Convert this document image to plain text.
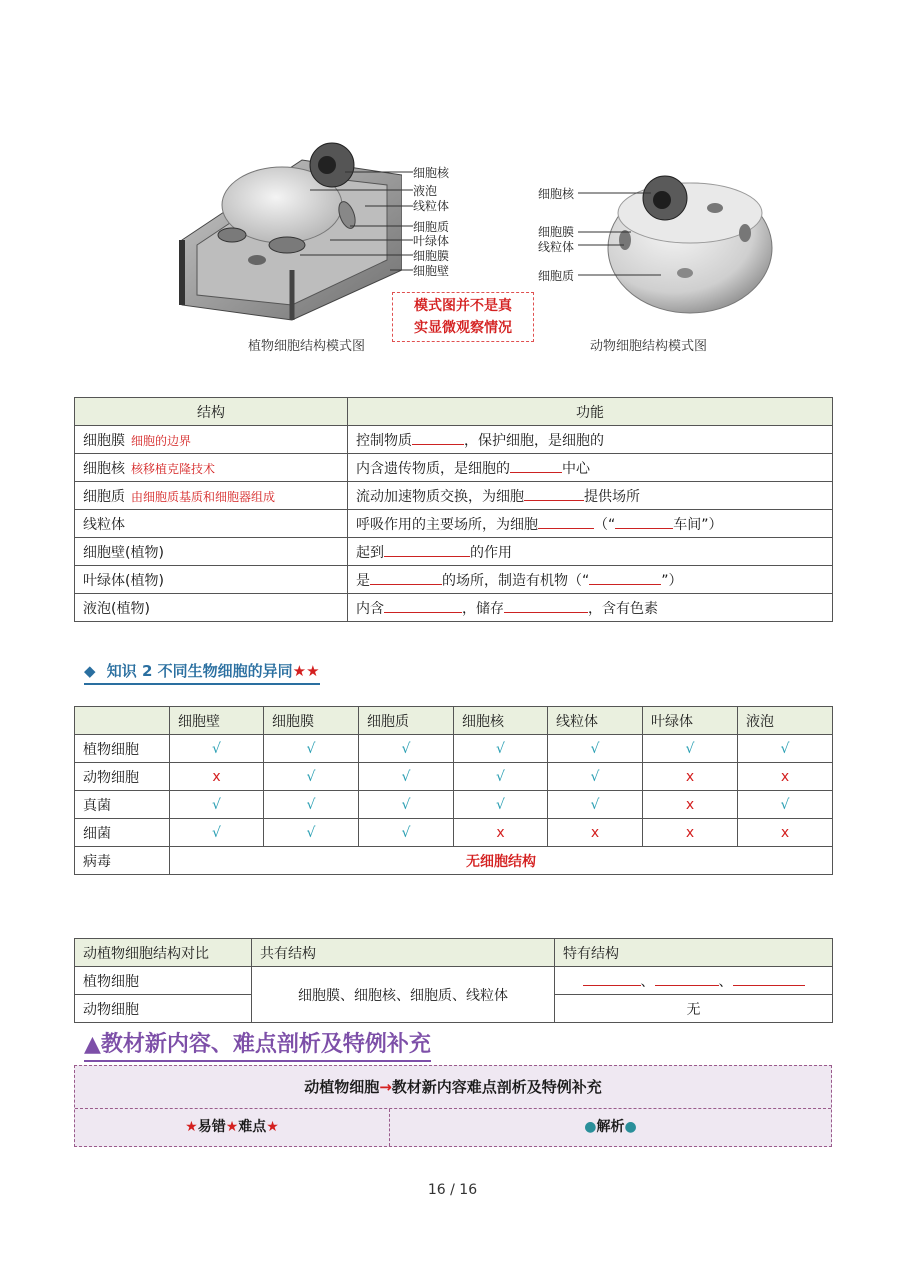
细胞核
液泡
线粒体
细胞质
叶绿体
细胞膜
细胞壁
植物细胞结构模式图
模式图并不是真
实显微观察情况
细胞核
细胞膜
线粒体
细胞质
动物细胞结构模式图
结构	功能
细胞膜 细胞的边界	控制物质 ，保护细胞，是细胞的
细胞核 核移植克隆技术	内含遗传物质，是细胞的 中心
细胞质 由细胞质基质和细胞器组成	流动加速物质交换，为细胞 提供场所
线粒体	呼吸作用的主要场所，为细胞 （“ 车间”）
细胞壁(植物)	起到 的作用
叶绿体(植物)	是 的场所，制造有机物（“ ”）
液泡(植物)	内含 ，储存 ，含有色素
◆ 知识 2 不同生物细胞的异同★★
	细胞壁	细胞膜	细胞质	细胞核	线粒体	叶绿体	液泡
植物细胞	√	√	√	√	√	√	√
动物细胞	x	√	√	√	√	x	x
真菌	√	√	√	√	√	x	√
细菌	√	√	√	x	x	x	x
病毒	无细胞结构						
动植物细胞结构对比	共有结构	特有结构
植物细胞	细胞膜、细胞核、细胞质、线粒体	、 、
动物细胞		无
▲教材新内容、难点剖析及特例补充
动植物细胞→教材新内容难点剖析及特例补充
★易错★难点★	●解析●
16 / 16
